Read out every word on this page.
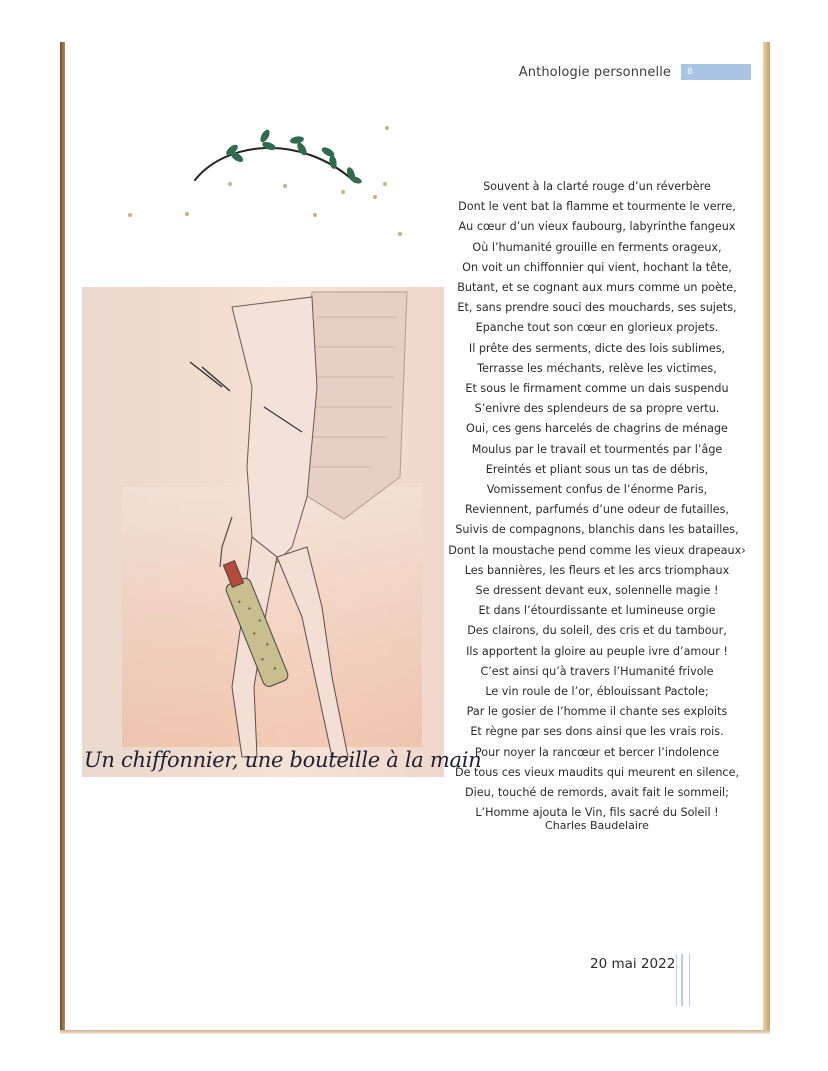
Anthologie personnelle	8
Un chiffonnier, une bouteille à la main
Souvent à la clarté rouge d’un réverbère
Dont le vent bat la flamme et tourmente le verre,
Au cœur d’un vieux faubourg, labyrinthe fangeux
Où l’humanité grouille en ferments orageux,
On voit un chiffonnier qui vient, hochant la tête,
Butant, et se cognant aux murs comme un poète,
Et, sans prendre souci des mouchards, ses sujets,
Epanche tout son cœur en glorieux projets.
Il prête des serments, dicte des lois sublimes,
Terrasse les méchants, relève les victimes,
Et sous le firmament comme un dais suspendu
S’enivre des splendeurs de sa propre vertu.
Oui, ces gens harcelés de chagrins de ménage
Moulus par le travail et tourmentés par l’âge
Ereintés et pliant sous un tas de débris,
Vomissement confus de l’énorme Paris,
Reviennent, parfumés d’une odeur de futailles,
Suivis de compagnons, blanchis dans les batailles,
Dont la moustache pend comme les vieux drapeaux›
Les bannières, les fleurs et les arcs triomphaux
Se dressent devant eux, solennelle magie !
Et dans l’étourdissante et lumineuse orgie
Des clairons, du soleil, des cris et du tambour,
Ils apportent la gloire au peuple ivre d’amour !
C’est ainsi qu’à travers l’Humanité frivole
Le vin roule de l’or, éblouissant Pactole;
Par le gosier de l’homme il chante ses exploits
Et règne par ses dons ainsi que les vrais rois.
Pour noyer la rancœur et bercer l’indolence
De tous ces vieux maudits qui meurent en silence,
Dieu, touché de remords, avait fait le sommeil;
L’Homme ajouta le Vin, fils sacré du Soleil !
Charles Baudelaire
20 mai 2022
